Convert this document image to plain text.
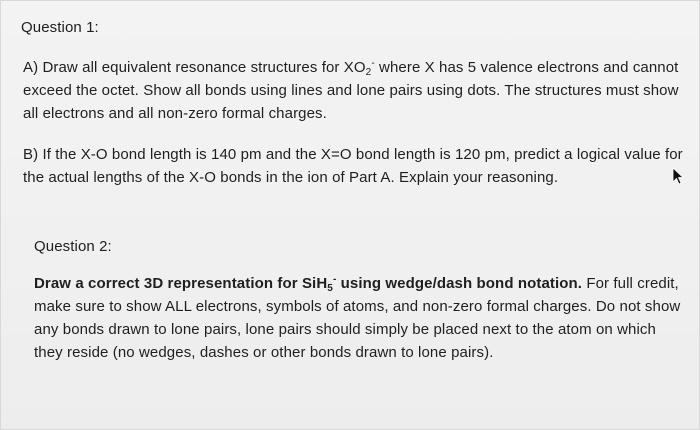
Question 1:
A) Draw all equivalent resonance structures for $XO_2^-$ where X has 5 valence electrons and cannot exceed the octet. Show all bonds using lines and lone pairs using dots. The structures must show all electrons and all non-zero formal charges.
B) If the X-O bond length is 140 pm and the X=O bond length is 120 pm, predict a logical value for the actual lengths of the X-O bonds in the ion of Part A. Explain your reasoning.
Question 2:
Draw a correct 3D representation for SiH$_5$- using wedge/dash bond notation. For full credit, make sure to show ALL electrons, symbols of atoms, and non-zero formal charges. Do not show any bonds drawn to lone pairs, lone pairs should simply be placed next to the atom on which they reside (no wedges, dashes or other bonds drawn to lone pairs).
